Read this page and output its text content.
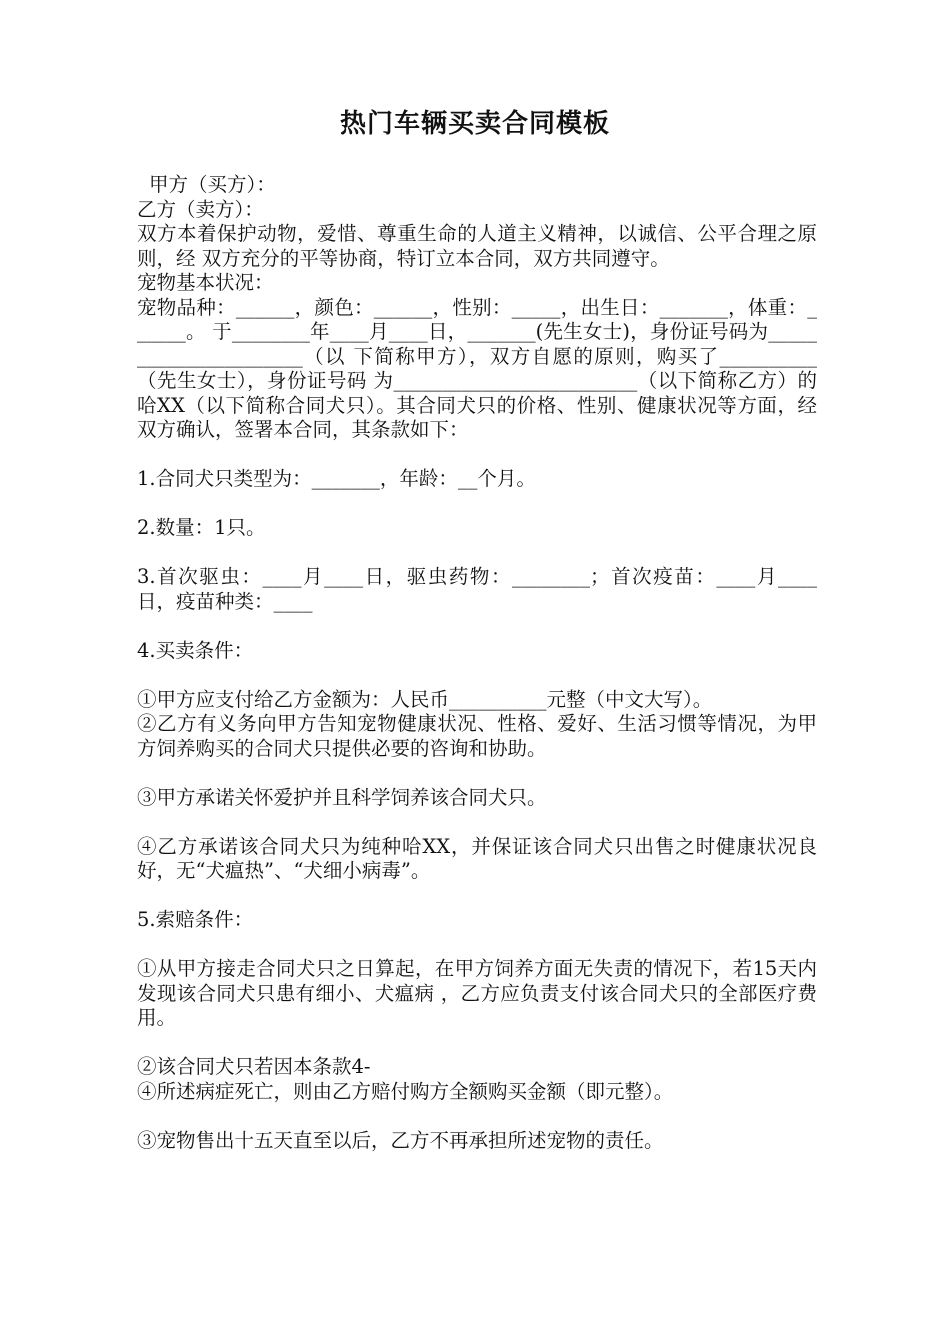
热门车辆买卖合同模板

甲方（买方）：

乙方（卖方）：

双方本着保护动物，爱惜、尊重生命的人道主义精神，以诚信、公平合理之原则，经 双方充分的平等协商，特订立本合同，双方共同遵守。

宠物基本状况：

宠物品种：______，颜色：______，性别：_____，出生日：_______，体重：______。 于________年____月____日，_______(先生女士)，身份证号码为______________________（以 下简称甲方），双方自愿的原则，购买了__________（先生女士），身份证号码 为_________________________（以下简称乙方）的哈XX（以下简称合同犬只）。其合同犬只的价格、性别、健康状况等方面，经双方确认，签署本合同，其条款如下：

1.合同犬只类型为：_______，年龄：__个月。

2.数量：1只。

3.首次驱虫：____月____日，驱虫药物：________；首次疫苗：____月____日，疫苗种类：____

4.买卖条件：

①甲方应支付给乙方金额为：人民币__________元整（中文大写）。

②乙方有义务向甲方告知宠物健康状况、性格、爱好、生活习惯等情况，为甲方饲养购买的合同犬只提供必要的咨询和协助。

③甲方承诺关怀爱护并且科学饲养该合同犬只。

④乙方承诺该合同犬只为纯种哈XX，并保证该合同犬只出售之时健康状况良好，无“犬瘟热”、“犬细小病毒”。

5.索赔条件：

①从甲方接走合同犬只之日算起，在甲方饲养方面无失责的情况下，若15天内发现该合同犬只患有细小、犬瘟病 ，乙方应负责支付该合同犬只的全部医疗费用。

②该合同犬只若因本条款4-

④所述病症死亡，则由乙方赔付购方全额购买金额（即元整）。

③宠物售出十五天直至以后，乙方不再承担所述宠物的责任。
